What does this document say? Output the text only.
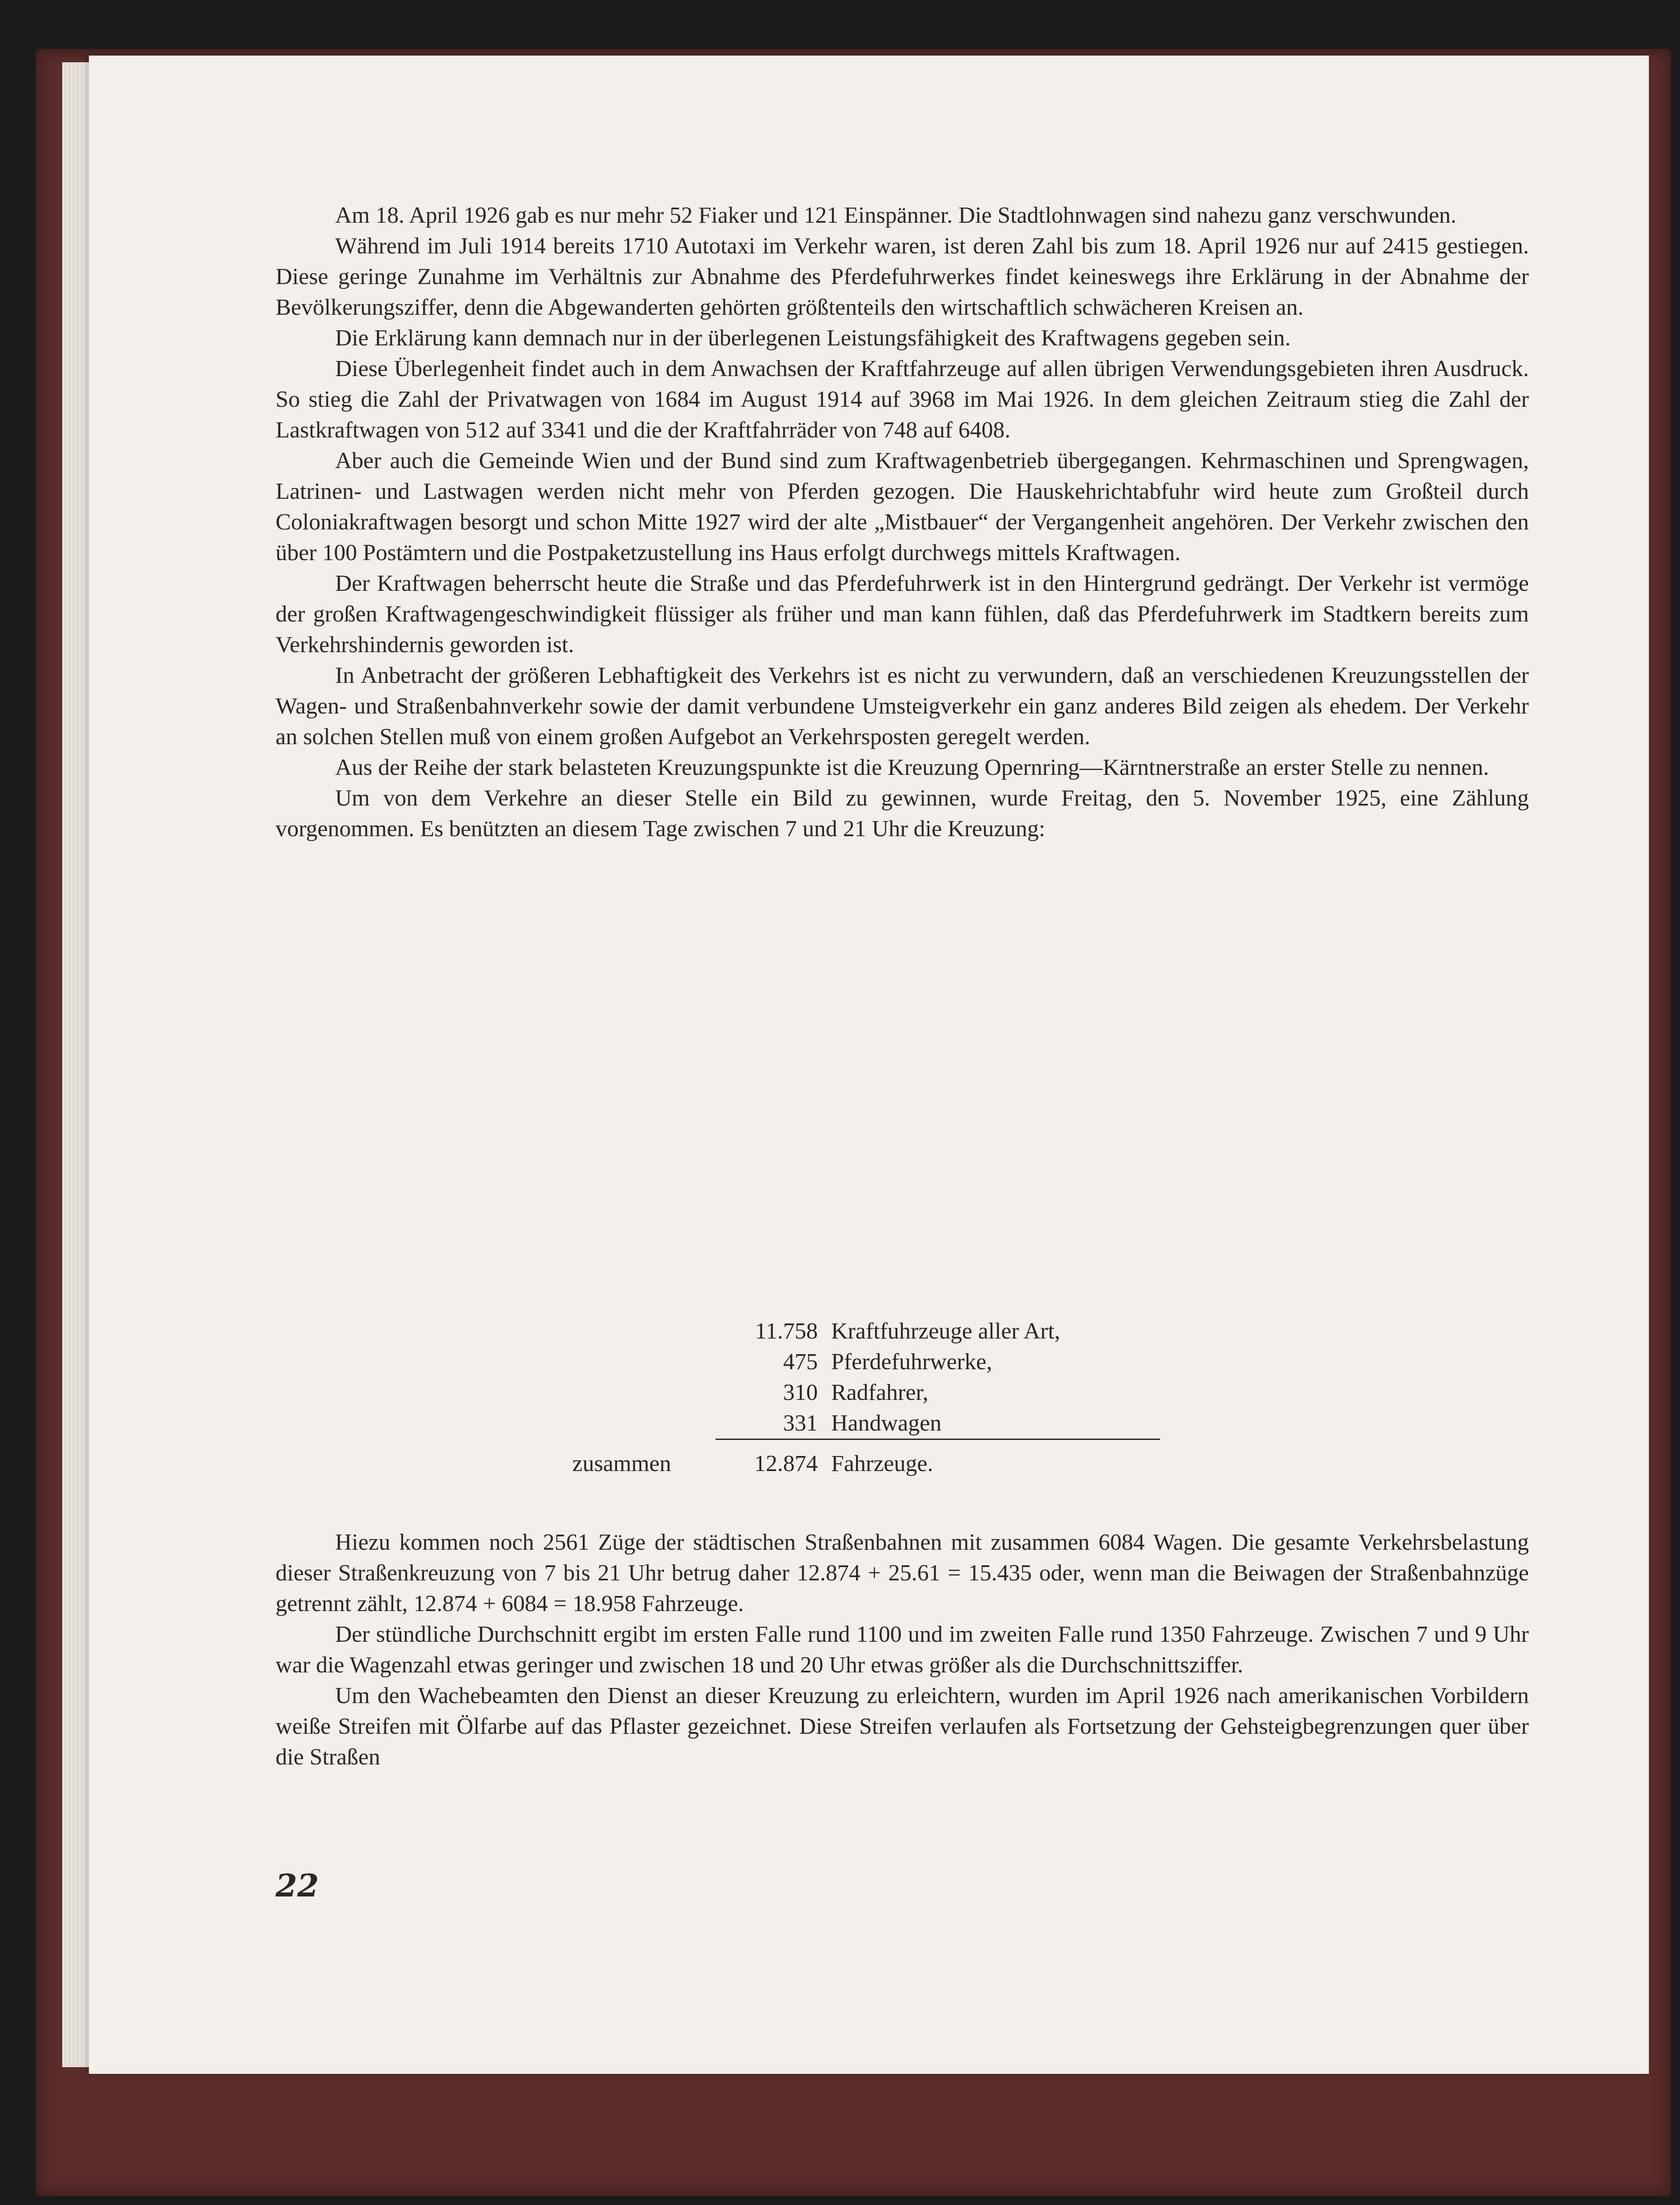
Am 18. April 1926 gab es nur mehr 52 Fiaker und 121 Einspänner. Die Stadtlohnwagen sind nahezu ganz verschwunden.

Während im Juli 1914 bereits 1710 Autotaxi im Verkehr waren, ist deren Zahl bis zum 18. April 1926 nur auf 2415 gestiegen. Diese geringe Zunahme im Verhältnis zur Abnahme des Pferdefuhrwerkes findet keineswegs ihre Erklärung in der Abnahme der Bevölkerungsziffer, denn die Abgewanderten gehörten größtenteils den wirtschaftlich schwächeren Kreisen an.

Die Erklärung kann demnach nur in der überlegenen Leistungsfähigkeit des Kraftwagens gegeben sein.

Diese Überlegenheit findet auch in dem Anwachsen der Kraftfahrzeuge auf allen übrigen Verwendungsgebieten ihren Ausdruck. So stieg die Zahl der Privatwagen von 1684 im August 1914 auf 3968 im Mai 1926. In dem gleichen Zeitraum stieg die Zahl der Lastkraftwagen von 512 auf 3341 und die der Kraftfahrräder von 748 auf 6408.

Aber auch die Gemeinde Wien und der Bund sind zum Kraftwagenbetrieb übergegangen. Kehrmaschinen und Sprengwagen, Latrinen- und Lastwagen werden nicht mehr von Pferden gezogen. Die Hauskehrichtabfuhr wird heute zum Großteil durch Coloniakraftwagen besorgt und schon Mitte 1927 wird der alte „Mistbauer“ der Vergangenheit angehören. Der Verkehr zwischen den über 100 Postämtern und die Postpaketzustellung ins Haus erfolgt durchwegs mittels Kraftwagen.

Der Kraftwagen beherrscht heute die Straße und das Pferdefuhrwerk ist in den Hintergrund gedrängt. Der Verkehr ist vermöge der großen Kraftwagengeschwindigkeit flüssiger als früher und man kann fühlen, daß das Pferdefuhrwerk im Stadtkern bereits zum Verkehrshindernis geworden ist.

In Anbetracht der größeren Lebhaftigkeit des Verkehrs ist es nicht zu verwundern, daß an verschiedenen Kreuzungsstellen der Wagen- und Straßenbahnverkehr sowie der damit verbundene Umsteigverkehr ein ganz anderes Bild zeigen als ehedem. Der Verkehr an solchen Stellen muß von einem großen Aufgebot an Verkehrsposten geregelt werden.

Aus der Reihe der stark belasteten Kreuzungspunkte ist die Kreuzung Opernring—Kärntnerstraße an erster Stelle zu nennen.

Um von dem Verkehre an dieser Stelle ein Bild zu gewinnen, wurde Freitag, den 5. November 1925, eine Zählung vorgenommen. Es benützten an diesem Tage zwischen 7 und 21 Uhr die Kreuzung:

11.758 Kraftfuhrzeuge aller Art,
475 Pferdefuhrwerke,
310 Radfahrer,
331 Handwagen
zusammen	12.874 Fahrzeuge.

Hiezu kommen noch 2561 Züge der städtischen Straßenbahnen mit zusammen 6084 Wagen. Die gesamte Verkehrsbelastung dieser Straßenkreuzung von 7 bis 21 Uhr betrug daher 12.874 + 25.61 = 15.435 oder, wenn man die Beiwagen der Straßenbahnzüge getrennt zählt, 12.874 + 6084 = 18.958 Fahrzeuge.

Der stündliche Durchschnitt ergibt im ersten Falle rund 1100 und im zweiten Falle rund 1350 Fahrzeuge. Zwischen 7 und 9 Uhr war die Wagenzahl etwas geringer und zwischen 18 und 20 Uhr etwas größer als die Durchschnittsziffer.

Um den Wachebeamten den Dienst an dieser Kreuzung zu erleichtern, wurden im April 1926 nach amerikanischen Vorbildern weiße Streifen mit Ölfarbe auf das Pflaster gezeichnet. Diese Streifen verlaufen als Fortsetzung der Gehsteigbegrenzungen quer über die Straßen

22
